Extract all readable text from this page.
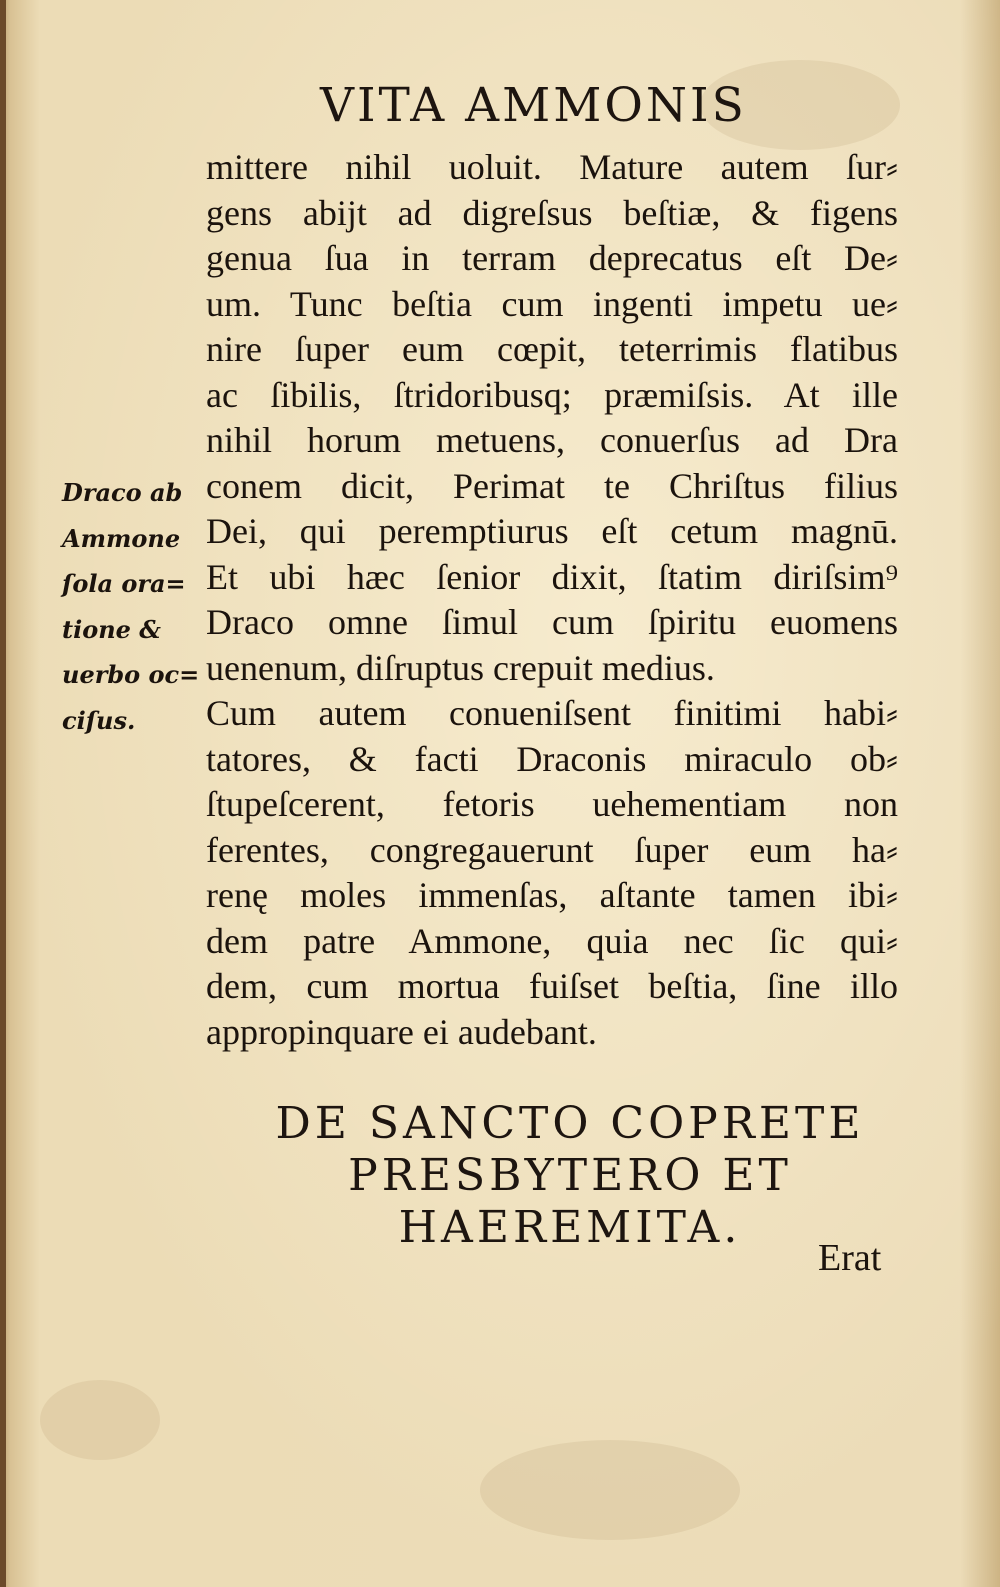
VITA AMMONIS
mittere nihil uoluit. Mature autem ſur⸗
gens abijt ad digreſsus beſtiæ, & figens
genua ſua in terram deprecatus eſt De⸗
um. Tunc beſtia cum ingenti impetu ue⸗
nire ſuper eum cœpit, teterrimis flatibus
ac ſibilis, ſtridoribusq; præmiſsis. At ille
nihil horum metuens, conuerſus ad Dra
conem dicit, Perimat te Chriſtus filius
Dei, qui peremptiurus eſt cetum magnū.
Et ubi hæc ſenior dixit, ſtatim diriſsim⁹
Draco omne ſimul cum ſpiritu euomens
uenenum, diſruptus crepuit medius.
Cum autem conueniſsent finitimi habi⸗
tatores, & facti Draconis miraculo ob⸗
ſtupeſcerent, fetoris uehementiam non
ferentes, congregauerunt ſuper eum ha⸗
renę moles immenſas, aſtante tamen ibi⸗
dem patre Ammone, quia nec ſic qui⸗
dem, cum mortua fuiſset beſtia, ſine illo
appropinquare ei audebant.
Draco ab
Ammone
ſola ora=
tione &
uerbo oc=
ciſus.
DE SANCTO COPRETE
PRESBYTERO ET
HAEREMITA.
Erat
